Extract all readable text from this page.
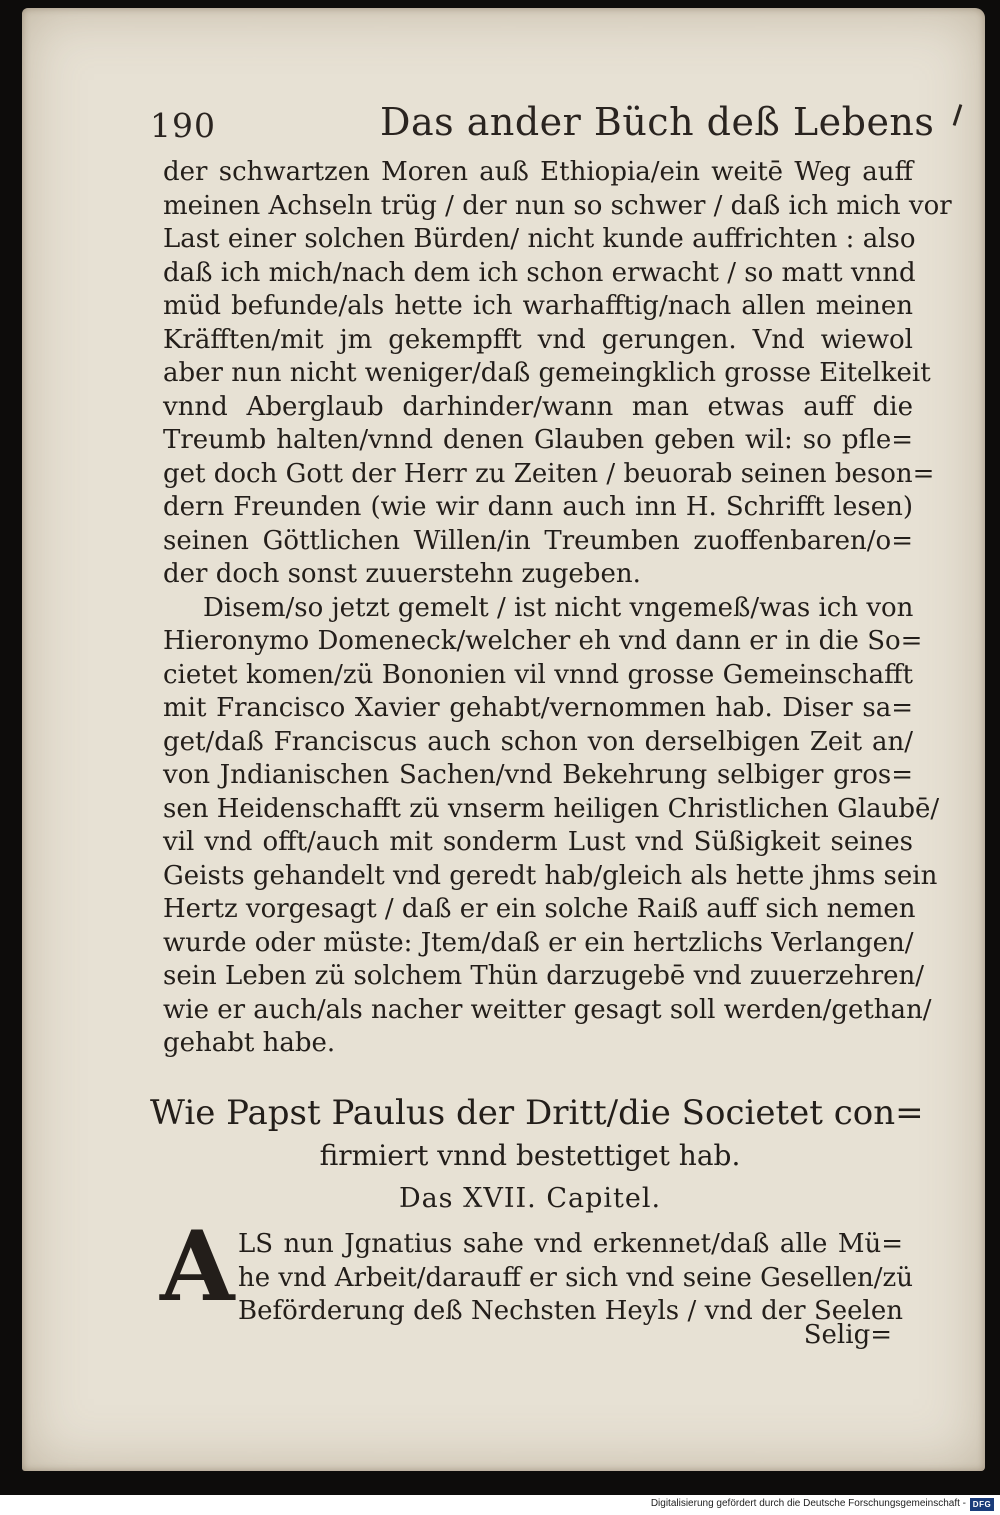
190	Das ander Büch deß Lebens
der schwartzen Moren auß Ethiopia/ein weitē Weg auff
meinen Achseln trüg / der nun so schwer / daß ich mich vor
Last einer solchen Bürden/ nicht kunde auffrichten : also
daß ich mich/nach dem ich schon erwacht / so matt vnnd
müd befunde/als hette ich warhafftig/nach allen meinen
Kräfften/mit jm gekempfft vnd gerungen. Vnd wiewol
aber nun nicht weniger/daß gemeingklich grosse Eitelkeit
vnnd Aberglaub darhinder/wann man etwas auff die
Treumb halten/vnnd denen Glauben geben wil: so pfle=
get doch Gott der Herr zu Zeiten / beuorab seinen beson=
dern Freunden (wie wir dann auch inn H. Schrifft lesen)
seinen Göttlichen Willen/in Treumben zuoffenbaren/o=
der doch sonst zuuerstehn zugeben.
Disem/so jetzt gemelt / ist nicht vngemeß/was ich von
Hieronymo Domeneck/welcher eh vnd dann er in die So=
cietet komen/zü Bononien vil vnnd grosse Gemeinschafft
mit Francisco Xavier gehabt/vernommen hab. Diser sa=
get/daß Franciscus auch schon von derselbigen Zeit an/
von Jndianischen Sachen/vnd Bekehrung selbiger gros=
sen Heidenschafft zü vnserm heiligen Christlichen Glaubē/
vil vnd offt/auch mit sonderm Lust vnd Süßigkeit seines
Geists gehandelt vnd geredt hab/gleich als hette jhms sein
Hertz vorgesagt / daß er ein solche Raiß auff sich nemen
wurde oder müste: Jtem/daß er ein hertzlichs Verlangen/
sein Leben zü solchem Thün darzugebē vnd zuuerzehren/
wie er auch/als nacher weitter gesagt soll werden/gethan/
gehabt habe.
Wie Papst Paulus der Dritt/die Societet con=
firmiert vnnd bestettiget hab.
Das XVII. Capitel.
A LS nun Jgnatius sahe vnd erkennet/daß alle Mü=
he vnd Arbeit/darauff er sich vnd seine Gesellen/zü
Beförderung deß Nechsten Heyls / vnd der Seelen
Selig=
Digitalisierung gefördert durch die Deutsche Forschungsgemeinschaft - DFG
